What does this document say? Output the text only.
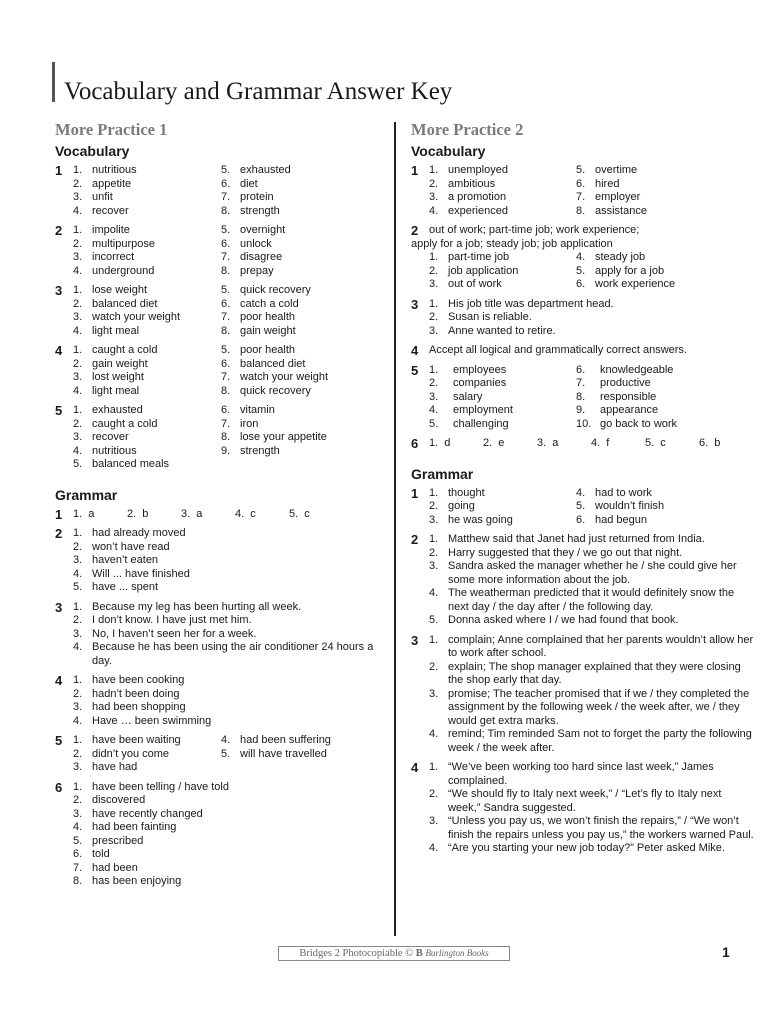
Vocabulary and Grammar Answer Key
More Practice 1
Vocabulary
1 1. nutritious	5. exhausted
2. appetite	6. diet
3. unfit	7. protein
4. recover	8. strength
2 1. impolite	5. overnight
2. multipurpose	6. unlock
3. incorrect	7. disagree
4. underground	8. prepay
3 1. lose weight	5. quick recovery
2. balanced diet	6. catch a cold
3. watch your weight	7. poor health
4. light meal	8. gain weight
4 1. caught a cold	5. poor health
2. gain weight	6. balanced diet
3. lost weight	7. watch your weight
4. light meal	8. quick recovery
5 1. exhausted	6. vitamin
2. caught a cold	7. iron
3. recover	8. lose your appetite
4. nutritious	9. strength
5. balanced meals
Grammar
1 1.  a	2.  b	3.  a	4.  c	5.  c
2 1. had already moved
2. won’t have read
3. haven’t eaten
4. Will ... have finished
5. have ... spent
3 1. Because my leg has been hurting all week.
2. I don’t know. I have just met him.
3. No, I haven’t seen her for a week.
4. Because he has been using the air conditioner 24 hours a day.
4 1. have been cooking
2. hadn’t been doing
3. had been shopping
4. Have … been swimming
5 1. have been waiting	4. had been suffering
2. didn’t you come	5. will have travelled
3. have had
6 1. have been telling / have told
2. discovered
3. have recently changed
4. had been fainting
5. prescribed
6. told
7. had been
8. has been enjoying
More Practice 2
Vocabulary
1 1. unemployed	5. overtime
2. ambitious	6. hired
3. a promotion	7. employer
4. experienced	8. assistance
2 out of work; part-time job; work experience;
apply for a job; steady job; job application
1. part-time job	4. steady job
2. job application	5. apply for a job
3. out of work	6. work experience
3 1. His job title was department head.
2. Susan is reliable.
3. Anne wanted to retire.
4 Accept all logical and grammatically correct answers.
5 1.	employees	6.	knowledgeable
2.	companies	7.	productive
3.	salary	8.	responsible
4.	employment	9.	appearance
5.	challenging	10. go back to work
6 1.  d	2.  e	3.  a	4.  f	5.  c	6.  b
Grammar
1 1. thought	4. had to work
2. going	5. wouldn’t finish
3. he was going	6. had begun
2 1. Matthew said that Janet had just returned from India.
2. Harry suggested that they / we go out that night.
3. Sandra asked the manager whether he / she could give her some more information about the job.
4. The weatherman predicted that it would definitely snow the next day / the day after / the following day.
5. Donna asked where I / we had found that book.
3 1. complain; Anne complained that her parents wouldn’t allow her to work after school.
2. explain; The shop manager explained that they were closing the shop early that day.
3. promise; The teacher promised that if we / they completed the assignment by the following week / the week after, we / they would get extra marks.
4. remind; Tim reminded Sam not to forget the party the following week / the week after.
4 1. “We’ve been working too hard since last week,” James complained.
2. “We should fly to Italy next week,” / “Let’s fly to Italy next week,” Sandra suggested.
3. “Unless you pay us, we won’t finish the repairs,” / “We won’t finish the repairs unless you pay us,” the workers warned Paul.
4. “Are you starting your new job today?” Peter asked Mike.
Bridges 2 Photocopiable © B Burlington Books	1
